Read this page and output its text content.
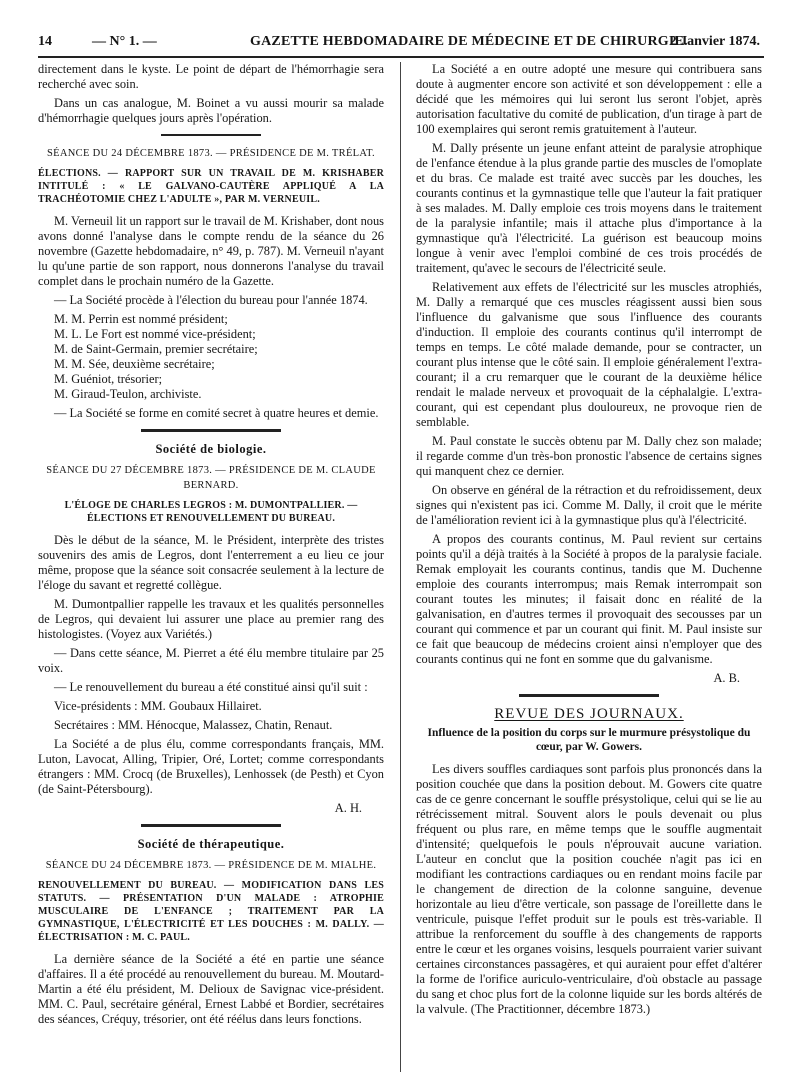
14	— N° 1. —	GAZETTE HEBDOMADAIRE DE MÉDECINE ET DE CHIRURGIE.
2 Janvier 1874.

directement dans le kyste. Le point de départ de l'hémorrhagie sera recherché avec soin.

Dans un cas analogue, M. Boinet a vu aussi mourir sa malade d'hémorrhagie quelques jours après l'opération.

SÉANCE DU 24 DÉCEMBRE 1873. — PRÉSIDENCE DE M. TRÉLAT.
ÉLECTIONS. — RAPPORT SUR UN TRAVAIL DE M. KRISHABER INTITULÉ : « LE GALVANO-CAUTÈRE APPLIQUÉ A LA TRACHÉOTOMIE CHEZ L'ADULTE », PAR M. VERNEUIL.

M. Verneuil lit un rapport sur le travail de M. Krishaber, dont nous avons donné l'analyse dans le compte rendu de la séance du 26 novembre (Gazette hebdomadaire, n° 49, p. 787). M. Verneuil n'ayant lu qu'une partie de son rapport, nous donnerons l'analyse du travail complet dans le prochain numéro de la Gazette.

— La Société procède à l'élection du bureau pour l'année 1874.

M. M. Perrin est nommé président;
M. L. Le Fort est nommé vice-président;
M. de Saint-Germain, premier secrétaire;
M. M. Sée, deuxième secrétaire;
M. Guéniot, trésorier;
M. Giraud-Teulon, archiviste.

— La Société se forme en comité secret à quatre heures et demie.

Société de biologie.
SÉANCE DU 27 DÉCEMBRE 1873. — PRÉSIDENCE DE M. CLAUDE BERNARD.
L'ÉLOGE DE CHARLES LEGROS : M. DUMONTPALLIER. — ÉLECTIONS ET RENOUVELLEMENT DU BUREAU.

Dès le début de la séance, M. le Président, interprète des tristes souvenirs des amis de Legros, dont l'enterrement a eu lieu ce jour même, propose que la séance soit consacrée seulement à la lecture de l'éloge du savant et regretté collègue.

M. Dumontpallier rappelle les travaux et les qualités personnelles de Legros, qui devaient lui assurer une place au premier rang des histologistes. (Voyez aux Variétés.)

— Dans cette séance, M. Pierret a été élu membre titulaire par 25 voix.

— Le renouvellement du bureau a été constitué ainsi qu'il suit :

Vice-présidents : MM. Goubaux Hillairet.

Secrétaires : MM. Hénocque, Malassez, Chatin, Renaut.

La Société a de plus élu, comme correspondants français, MM. Luton, Lavocat, Alling, Tripier, Oré, Lortet; comme correspondants étrangers : MM. Crocq (de Bruxelles), Lenhossek (de Pesth) et Cyon (de Saint-Pétersbourg).

A. H.
Société de thérapeutique.
SÉANCE DU 24 DÉCEMBRE 1873. — PRÉSIDENCE DE M. MIALHE.
RENOUVELLEMENT DU BUREAU. — MODIFICATION DANS LES STATUTS. — PRÉSENTATION D'UN MALADE : ATROPHIE MUSCULAIRE DE L'ENFANCE ; TRAITEMENT PAR LA GYMNASTIQUE, L'ÉLECTRICITÉ ET LES DOUCHES : M. DALLY. — ÉLECTRISATION : M. C. PAUL.

La dernière séance de la Société a été en partie une séance d'affaires. Il a été procédé au renouvellement du bureau. M. Moutard-Martin a été élu président, M. Delioux de Savignac vice-président. MM. C. Paul, secrétaire général, Ernest Labbé et Bordier, secrétaires des séances, Créquy, trésorier, ont été réélus dans leurs fonctions.

La Société a en outre adopté une mesure qui contribuera sans doute à augmenter encore son activité et son développement : elle a décidé que les mémoires qui lui seront lus seront l'objet, après autorisation facultative du comité de publication, d'un tirage à part de 100 exemplaires qui seront remis gratuitement à l'auteur.

M. Dally présente un jeune enfant atteint de paralysie atrophique de l'enfance étendue à la plus grande partie des muscles de l'omoplate et du bras. Ce malade est traité avec succès par les douches, les courants continus et la gymnastique telle que l'auteur la fait pratiquer à ses malades. M. Dally emploie ces trois moyens dans le traitement de la paralysie infantile; mais il attache plus d'importance à la gymnastique qu'à l'électricité. La guérison est beaucoup moins longue à venir avec l'emploi combiné de ces trois procédés de traitement, qu'avec le secours de l'électricité seule.

Relativement aux effets de l'électricité sur les muscles atrophiés, M. Dally a remarqué que ces muscles réagissent aussi bien sous l'influence du galvanisme que sous l'influence des courants d'induction. Il emploie des courants continus qu'il interrompt de temps en temps. Le côté malade demande, pour se contracter, un courant plus intense que le côté sain. Il emploie généralement l'extra-courant; il a cru remarquer que le courant de la deuxième hélice rendait le malade nerveux et provoquait de la céphalalgie. L'extra-courant, qui est cependant plus douloureux, ne provoque rien de semblable.

M. Paul constate le succès obtenu par M. Dally chez son malade; il regarde comme d'un très-bon pronostic l'absence de certains signes qui manquent chez ce dernier.

On observe en général de la rétraction et du refroidissement, deux signes qui n'existent pas ici. Comme M. Dally, il croit que le mérite de l'amélioration revient ici à la gymnastique plus qu'à l'électricité.

A propos des courants continus, M. Paul revient sur certains points qu'il a déjà traités à la Société à propos de la paralysie faciale. Remak employait les courants continus, tandis que M. Duchenne emploie des courants interrompus; mais Remak interrompait son courant toutes les minutes; il faisait donc en réalité de la galvanisation, en d'autres termes il provoquait des secousses par un courant qui commence et par un courant qui finit. M. Paul insiste sur ce fait que beaucoup de médecins croient ainsi n'employer que des courants continus qui ne font en somme que du galvanisme.

A. B.
REVUE DES JOURNAUX.
Influence de la position du corps sur le murmure présystolique du cœur, par W. Gowers.

Les divers souffles cardiaques sont parfois plus prononcés dans la position couchée que dans la position debout. M. Gowers cite quatre cas de ce genre concernant le souffle présystolique, celui qui se lie au rétrécissement mitral. Souvent alors le pouls devenait ou plus fréquent ou plus rare, en même temps que le souffle augmentait d'intensité; quelquefois le pouls n'éprouvait aucune variation. L'auteur en conclut que la position couchée n'agit pas ici en modifiant les contractions cardiaques ou en rendant moins facile par le changement de direction de la colonne sanguine, devenue horizontale au lieu d'être verticale, son passage de l'oreillette dans le ventricule, puisque l'effet produit sur le pouls est très-variable. Il attribue la renforcement du souffle à des changements de rapports entre le cœur et les organes voisins, lesquels pourraient varier suivant certaines circonstances passagères, et qui auraient pour effet d'altérer la forme de l'orifice auriculo-ventriculaire, d'où obstacle au passage du sang et choc plus fort de la colonne liquide sur les bords altérés de la valvule. (The Practitionner, décembre 1873.)
